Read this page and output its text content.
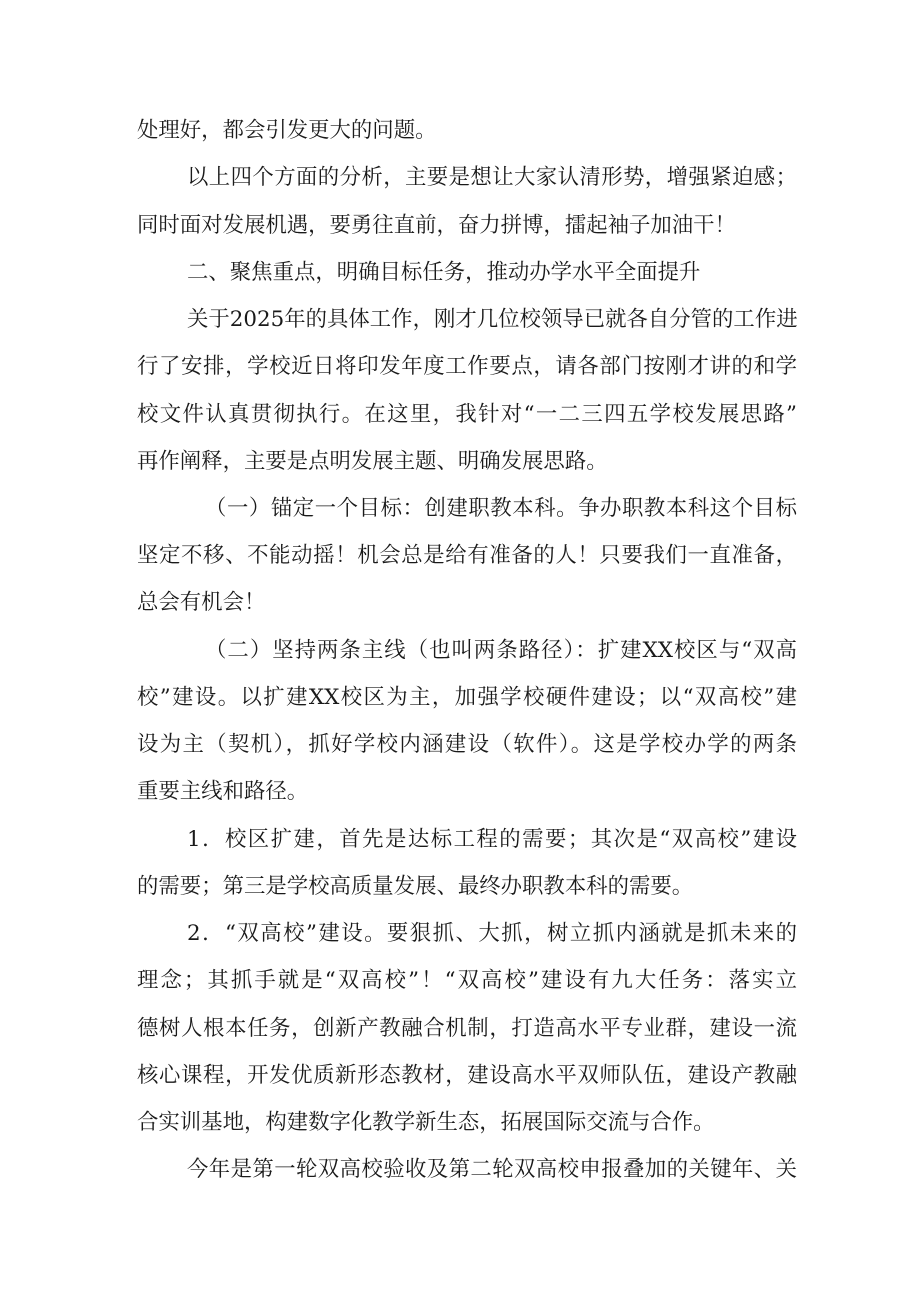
处理好，都会引发更大的问题。
以上四个方面的分析，主要是想让大家认清形势，增强紧迫感；
同时面对发展机遇，要勇往直前，奋力拼博，擂起袖子加油干！
二、聚焦重点，明确目标任务，推动办学水平全面提升
关于2025年的具体工作，刚才几位校领导已就各自分管的工作进
行了安排，学校近日将印发年度工作要点，请各部门按刚才讲的和学
校文件认真贯彻执行。在这里，我针对“一二三四五学校发展思路”
再作阐释，主要是点明发展主题、明确发展思路。
（一）锚定一个目标：创建职教本科。争办职教本科这个目标
坚定不移、不能动摇！机会总是给有准备的人！只要我们一直准备，
总会有机会！
（二）坚持两条主线（也叫两条路径）：扩建XX校区与“双高
校”建设。以扩建XX校区为主，加强学校硬件建设；以“双高校”建
设为主（契机），抓好学校内涵建设（软件）。这是学校办学的两条
重要主线和路径。
1．校区扩建，首先是达标工程的需要；其次是“双高校”建设
的需要；第三是学校高质量发展、最终办职教本科的需要。
2．“双高校”建设。要狠抓、大抓，树立抓内涵就是抓未来的
理念；其抓手就是“双高校”！“双高校”建设有九大任务：落实立
德树人根本任务，创新产教融合机制，打造高水平专业群，建设一流
核心课程，开发优质新形态教材，建设高水平双师队伍，建设产教融
合实训基地，构建数字化教学新生态，拓展国际交流与合作。
今年是第一轮双高校验收及第二轮双高校申报叠加的关键年、关
